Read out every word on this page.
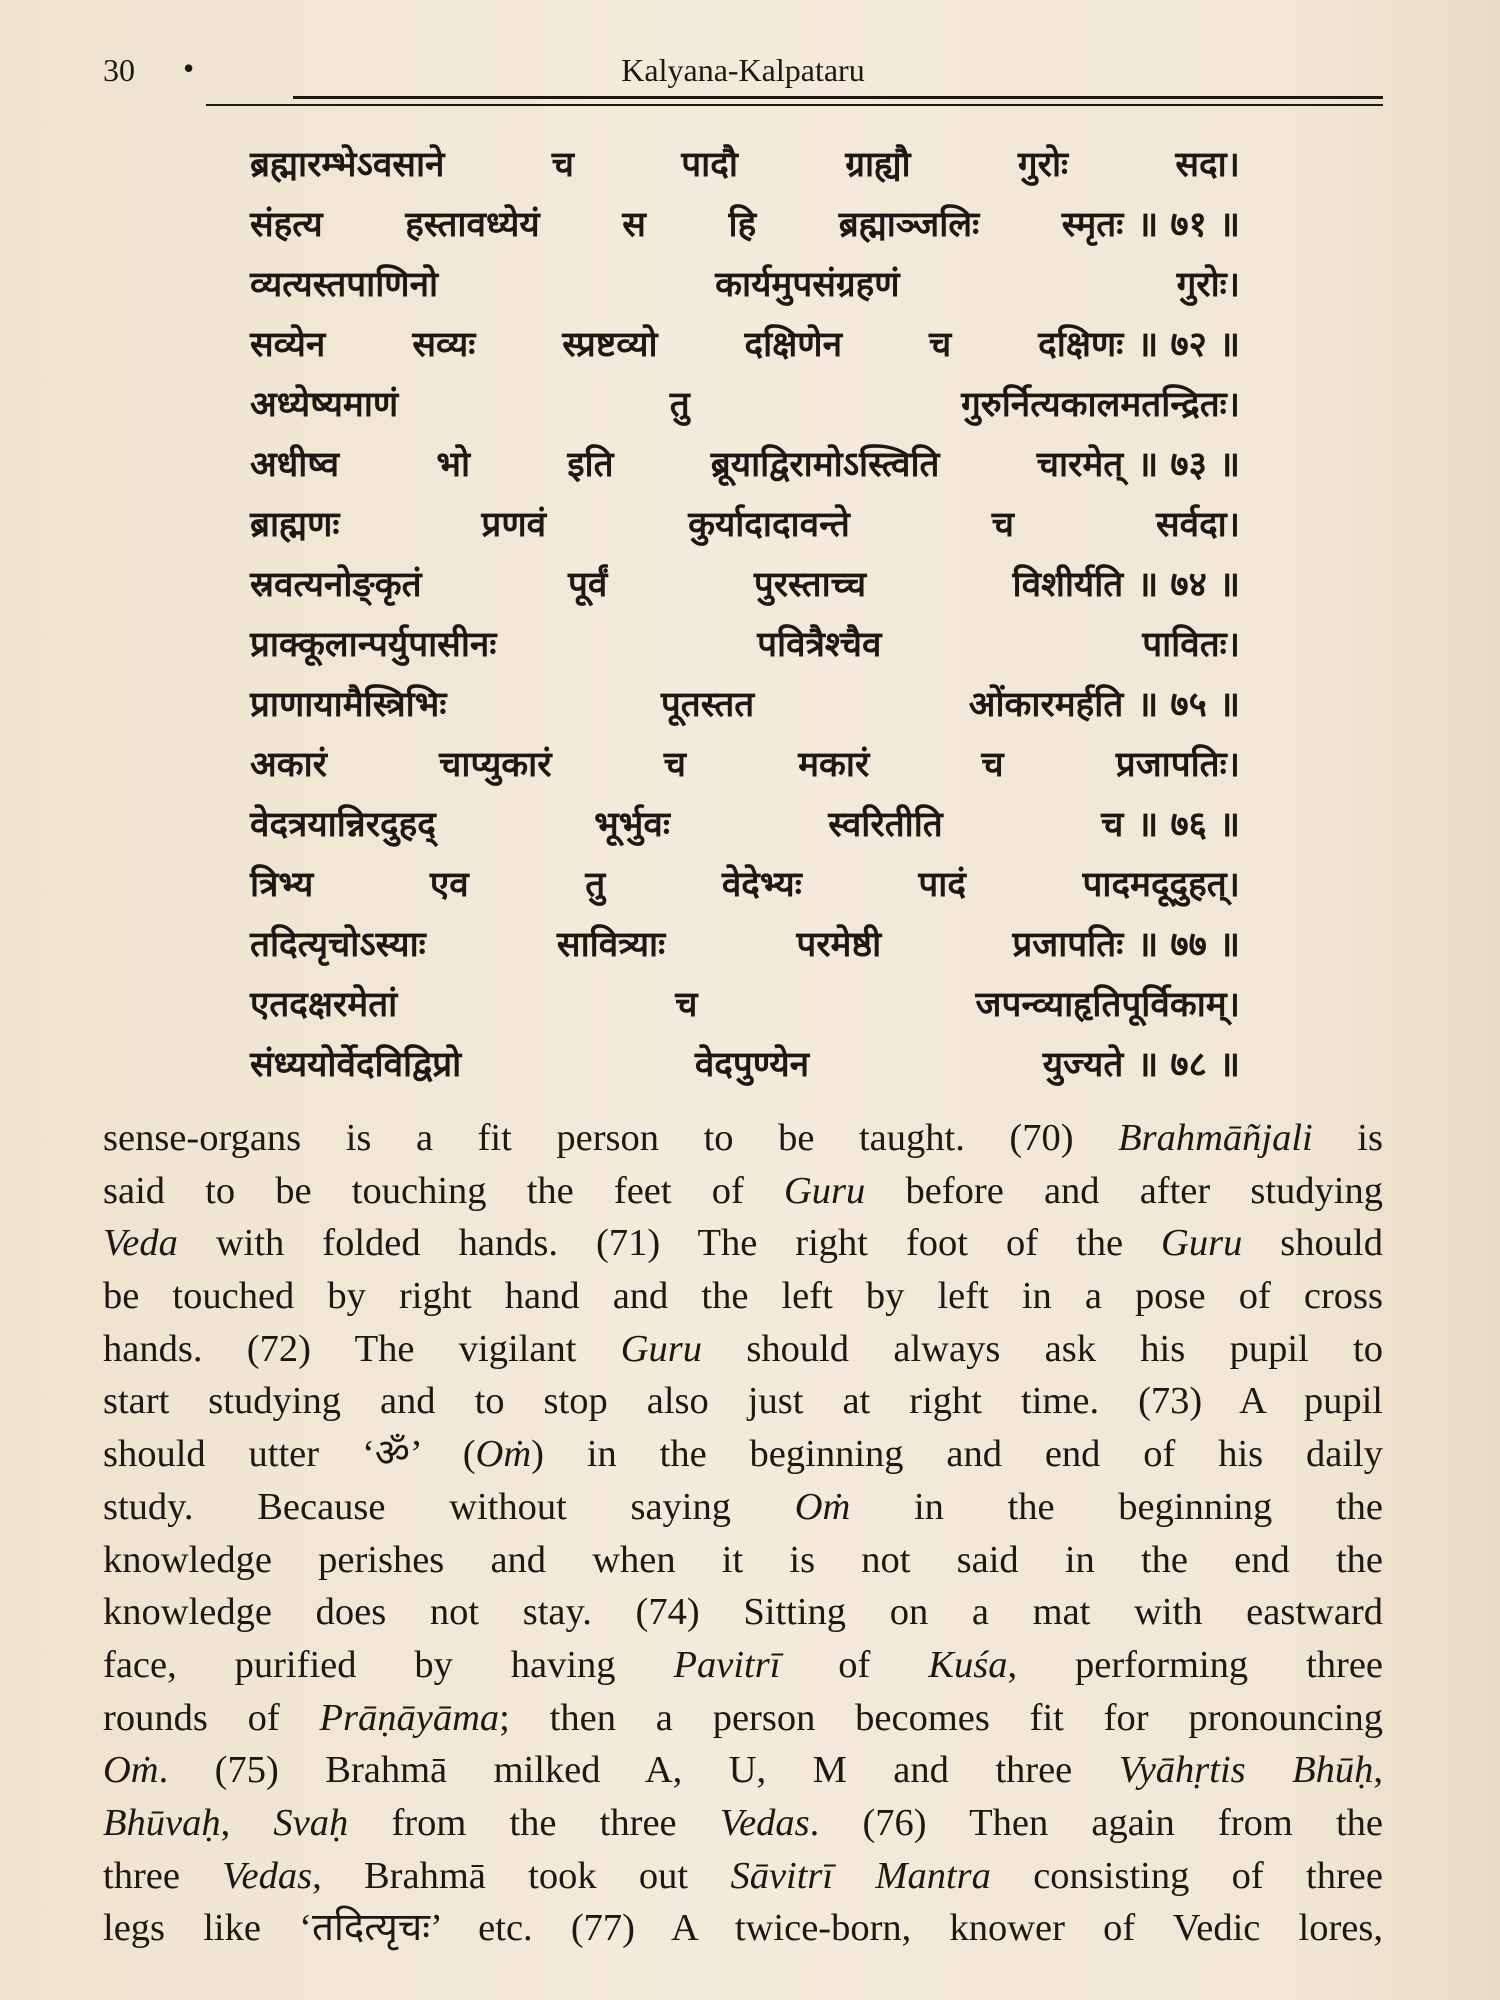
30 •	Kalyana-Kalpataru
ब्रह्मारम्भेऽवसाने	च	पादौ	ग्राह्यौ	गुरोः	सदा।
संहत्य हस्तावध्येयं स हि ब्रह्माञ्जलिः स्मृतः ॥ ७१ ॥
व्यत्यस्तपाणिनो	कार्यमुपसंग्रहणं	गुरोः।
सव्येन सव्यः स्प्रष्टव्यो दक्षिणेन च दक्षिणः ॥ ७२ ॥
अध्येष्यमाणं	तु	गुरुर्नित्यकालमतन्द्रितः।
अधीष्व	भो	इति	ब्रूयाद्विरामोऽस्त्विति	चारमेत् ॥ ७३ ॥
ब्राह्मणः	प्रणवं	कुर्यादादावन्ते	च	सर्वदा।
स्रवत्यनोङ्कृतं	पूर्वं	पुरस्ताच्च	विशीर्यति ॥ ७४ ॥
प्राक्कूलान्पर्युपासीनः	पवित्रैश्चैव	पावितः।
प्राणायामैस्त्रिभिः	पूतस्तत	ओंकारमर्हति ॥ ७५ ॥
अकारं	चाप्युकारं	च	मकारं	च	प्रजापतिः।
वेदत्रयान्निरदुहद्	भूर्भुवः	स्वरितीति	च ॥ ७६ ॥
त्रिभ्य	एव	तु	वेदेभ्यः	पादं	पादमदूदुहत्।
तदित्यृचोऽस्याः	सावित्र्याः	परमेष्ठी	प्रजापतिः ॥ ७७ ॥
एतदक्षरमेतां	च	जपन्व्याहृतिपूर्विकाम्।
संध्ययोर्वेदविद्विप्रो	वेदपुण्येन	युज्यते ॥ ७८ ॥
sense-organs is a fit person to be taught. (70) Brahmāñjali is
said to be touching the feet of Guru before and after studying
Veda with folded hands. (71) The right foot of the Guru should
be touched by right hand and the left by left in a pose of cross
hands. (72) The vigilant Guru should always ask his pupil to
start studying and to stop also just at right time. (73) A pupil
should utter ‘ॐ’ (Oṁ) in the beginning and end of his daily
study. Because without saying Oṁ in the beginning the
knowledge perishes and when it is not said in the end the
knowledge does not stay. (74) Sitting on a mat with eastward
face, purified by having Pavitrī of Kuśa, performing three
rounds of Prāṇāyāma; then a person becomes fit for pronouncing
Oṁ. (75) Brahmā milked A, U, M and three Vyāhṛtis Bhūḥ,
Bhūvaḥ, Svaḥ from the three Vedas. (76) Then again from the
three Vedas, Brahmā took out Sāvitrī Mantra consisting of three
legs like ‘तदित्यृचः’ etc. (77) A twice-born, knower of Vedic lores,
